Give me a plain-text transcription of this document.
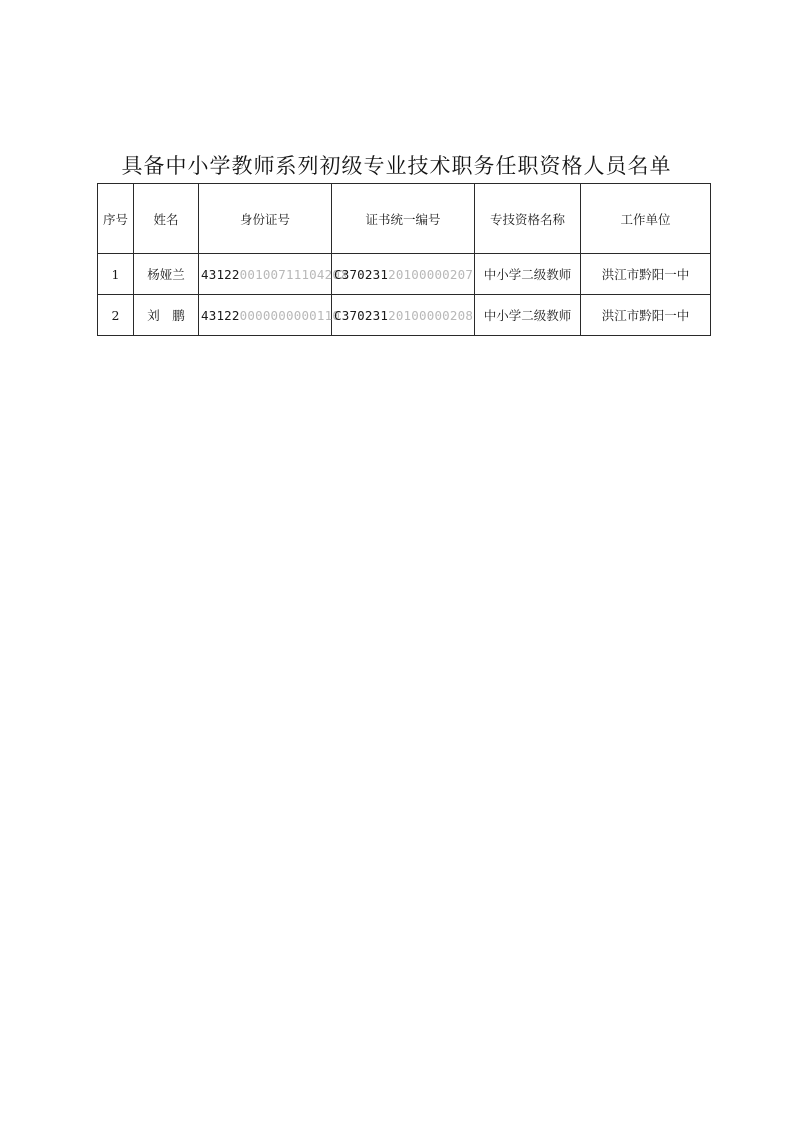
具备中小学教师系列初级专业技术职务任职资格人员名单
序号	姓名	身份证号	证书统一编号	专技资格名称	工作单位
1	杨娅兰	431220010071110420X	C37023120100000207	中小学二级教师	洪江市黔阳一中
2	刘　鹏	431220000000000110	C37023120100000208	中小学二级教师	洪江市黔阳一中
